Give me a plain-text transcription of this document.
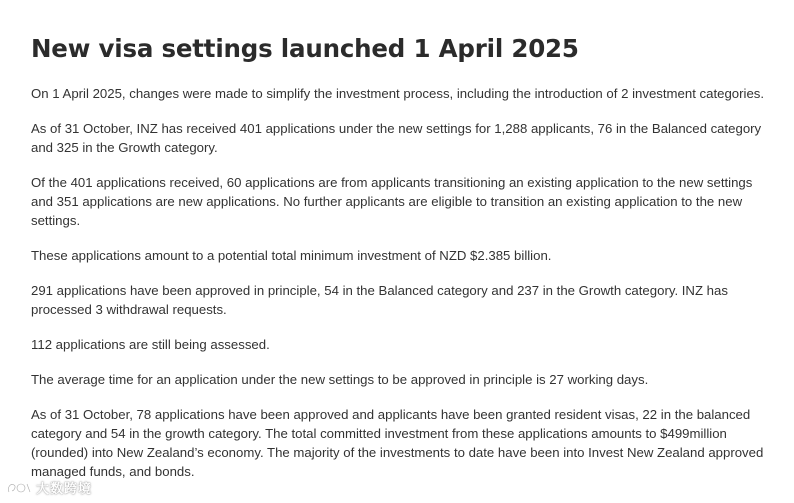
New visa settings launched 1 April 2025

On 1 April 2025, changes were made to simplify the investment process, including the introduction of 2 investment categories.

As of 31 October, INZ has received 401 applications under the new settings for 1,288 applicants, 76 in the Balanced category and 325 in the Growth category.

Of the 401 applications received, 60 applications are from applicants transitioning an existing application to the new settings and 351 applications are new applications. No further applicants are eligible to transition an existing application to the new settings.

These applications amount to a potential total minimum investment of NZD $2.385 billion.

291 applications have been approved in principle, 54 in the Balanced category and 237 in the Growth category. INZ has processed 3 withdrawal requests.

112 applications are still being assessed.

The average time for an application under the new settings to be approved in principle is 27 working days.

As of 31 October, 78 applications have been approved and applicants have been granted resident visas, 22 in the balanced category and 54 in the growth category. The total committed investment from these applications amounts to $499million (rounded) into New Zealand’s economy. The majority of the investments to date have been into Invest New Zealand approved managed funds, and bonds.

大数跨境
